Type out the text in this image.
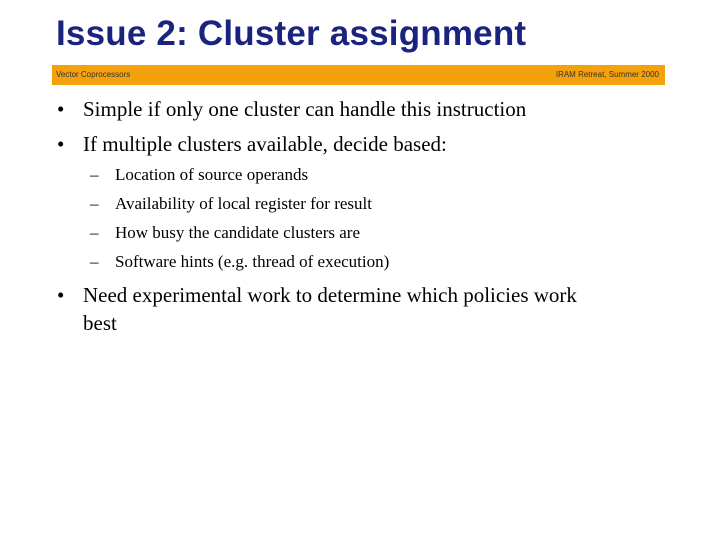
Issue 2: Cluster assignment
Vector Coprocessors	IRAM Retreat, Summer 2000
• Simple if only one cluster can handle this instruction
• If multiple clusters available, decide based:
– Location of source operands
– Availability of local register for result
– How busy the candidate clusters are
– Software hints (e.g. thread of execution)
• Need experimental work to determine which policies work
best
